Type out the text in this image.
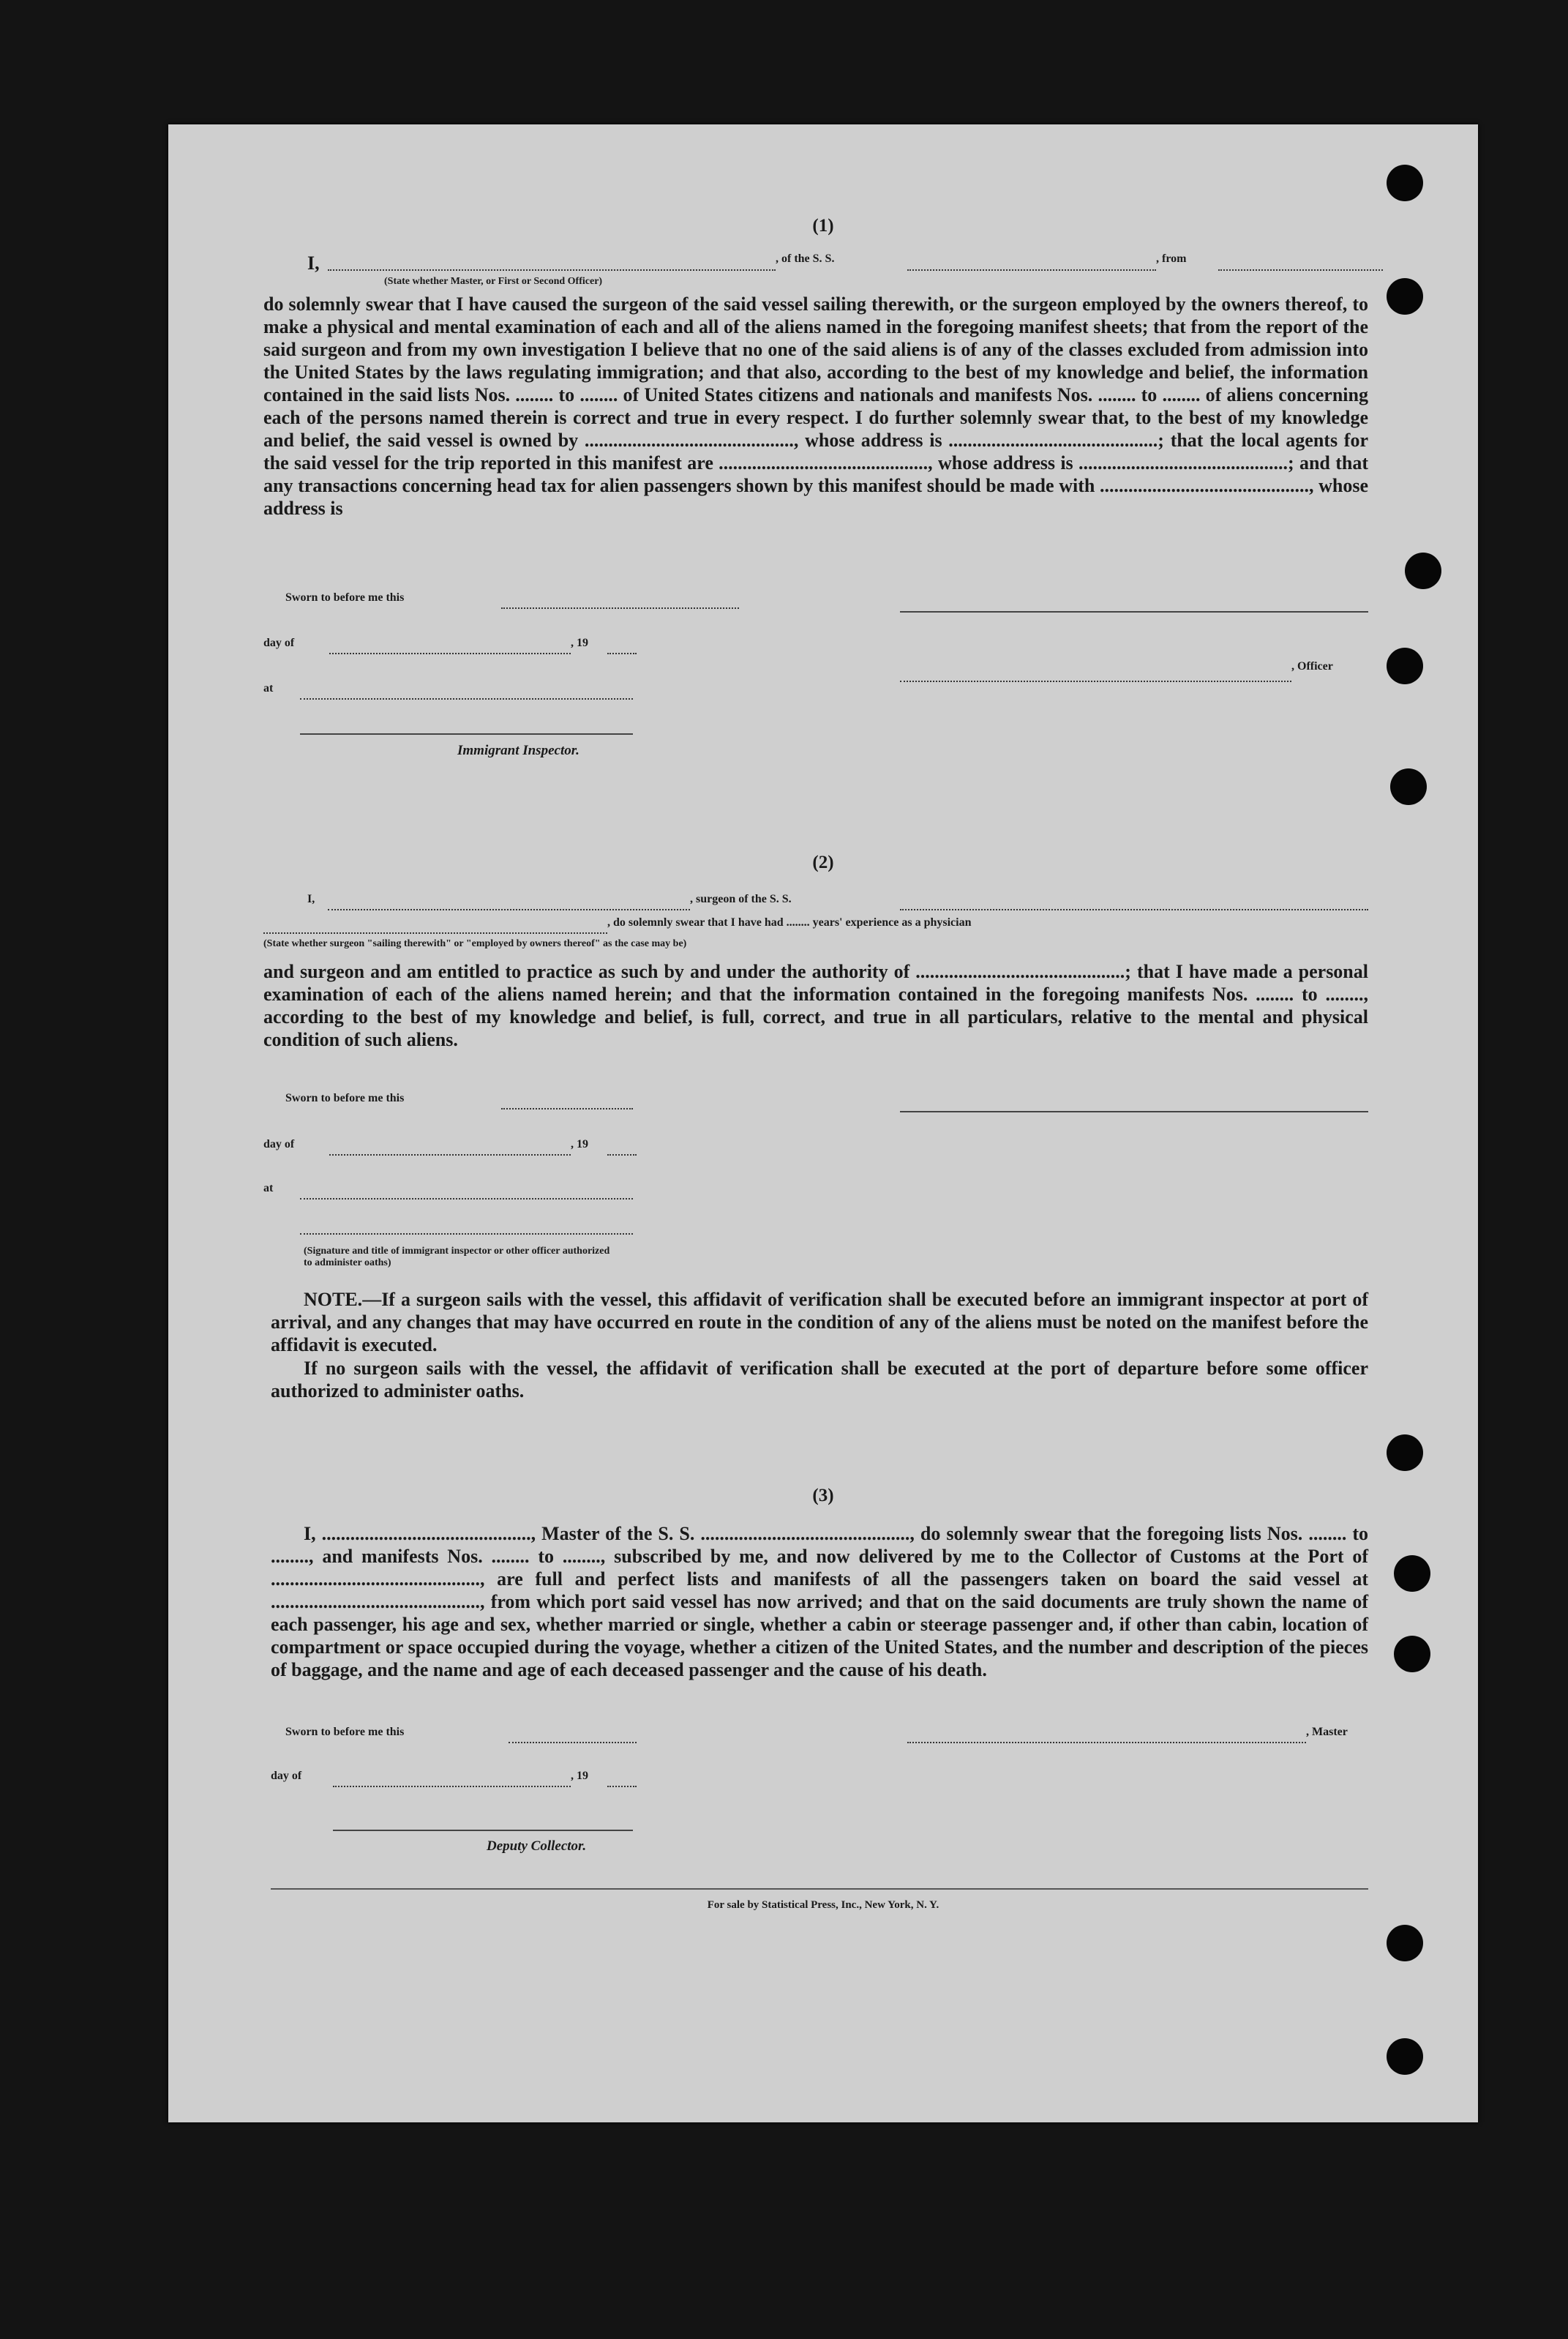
(1)
I,	, of the S. S.	, from
(State whether Master, or First or Second Officer)
do solemnly swear that I have caused the surgeon of the said vessel sailing therewith, or the surgeon employed by the owners thereof, to make a physical and mental examination of each and all of the aliens named in the foregoing manifest sheets; that from the report of the said surgeon and from my own investigation I believe that no one of the said aliens is of any of the classes excluded from admission into the United States by the laws regulating immigration; and that also, according to the best of my knowledge and belief, the information contained in the said lists Nos. ........ to ........ of United States citizens and nationals and manifests Nos. ........ to ........ of aliens concerning each of the persons named therein is correct and true in every respect. I do further solemnly swear that, to the best of my knowledge and belief, the said vessel is owned by ............................................, whose address is ............................................; that the local agents for the said vessel for the trip reported in this manifest are ............................................, whose address is ............................................; and that any transactions concerning head tax for alien passengers shown by this manifest should be made with ............................................, whose address is
Sworn to before me this
day of	, 19
, Officer
at
Immigrant Inspector.
(2)
I,	, surgeon of the S. S.
, do solemnly swear that I have had ........ years' experience as a physician
(State whether surgeon "sailing therewith" or "employed by owners thereof" as the case may be)
and surgeon and am entitled to practice as such by and under the authority of ............................................; that I have made a personal examination of each of the aliens named herein; and that the information contained in the foregoing manifests Nos. ........ to ........, according to the best of my knowledge and belief, is full, correct, and true in all particulars, relative to the mental and physical condition of such aliens.
Sworn to before me this
day of	, 19
at
(Signature and title of immigrant inspector or other officer authorized to administer oaths)
NOTE.—If a surgeon sails with the vessel, this affidavit of verification shall be executed before an immigrant inspector at port of arrival, and any changes that may have occurred en route in the condition of any of the aliens must be noted on the manifest before the affidavit is executed.
If no surgeon sails with the vessel, the affidavit of verification shall be executed at the port of departure before some officer authorized to administer oaths.
(3)
I, ............................................, Master of the S. S. ............................................, do solemnly swear that the foregoing lists Nos. ........ to ........, and manifests Nos. ........ to ........, subscribed by me, and now delivered by me to the Collector of Customs at the Port of ............................................, are full and perfect lists and manifests of all the passengers taken on board the said vessel at ............................................, from which port said vessel has now arrived; and that on the said documents are truly shown the name of each passenger, his age and sex, whether married or single, whether a cabin or steerage passenger and, if other than cabin, location of compartment or space occupied during the voyage, whether a citizen of the United States, and the number and description of the pieces of baggage, and the name and age of each deceased passenger and the cause of his death.
Sworn to before me this	, Master
day of	, 19
Deputy Collector.
For sale by Statistical Press, Inc., New York, N. Y.
